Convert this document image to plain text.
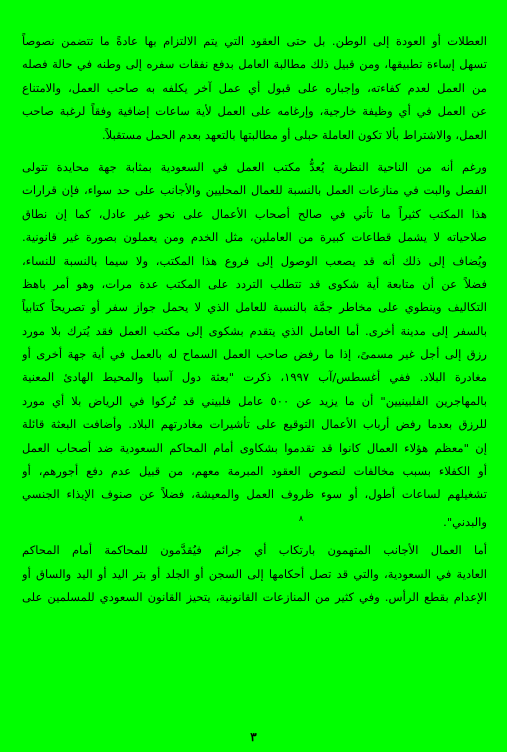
العطلات أو العودة إلى الوطن. بل حتى العقود التي يتم الالتزام بها عادةً ما تتضمن نصوصاً
تسهل إساءة تطبيقها، ومن قبيل ذلك مطالبة العامل بدفع نفقات سفره إلى وطنه في حالة فصله
من العمل لعدم كفاءته، وإجباره على قبول أي عمل آخر يكلفه به صاحب العمل، والامتناع
عن العمل في أي وظيفة خارجية، وإرغامه على العمل لأية ساعات إضافية وفقاً لرغبة صاحب
العمل، والاشتراط بألا تكون العاملة حبلى أو مطالبتها بالتعهد بعدم الحمل مستقبلاً.
ورغم أنه من الناحية النظرية يُعدُّ مكتب العمل في السعودية بمثابة جهة محايدة تتولى
الفصل والبت في منازعات العمل بالنسبة للعمال المحليين والأجانب على حد سواء، فإن قرارات
هذا المكتب كثيراً ما تأتي في صالح أصحاب الأعمال على نحو غير عادل، كما إن نطاق
صلاحياته لا يشمل قطاعات كبيرة من العاملين، مثل الخدم ومن يعملون بصورة غير قانونية.
ويُضاف إلى ذلك أنه قد يصعب الوصول إلى فروع هذا المكتب، ولا سيما بالنسبة للنساء،
فضلاً عن أن متابعة أية شكوى قد تتطلب التردد على المكتب عدة مرات، وهو أمر باهظ
التكاليف وينطوي على مخاطر جمَّة بالنسبة للعامل الذي لا يحمل جواز سفر أو تصريحاً كتابياً
بالسفر إلى مدينة أخرى. أما العامل الذي يتقدم بشكوى إلى مكتب العمل فقد يُترك بلا مورد
رزق إلى أجل غير مسمىً، إذا ما رفض صاحب العمل السماح له بالعمل في أية جهة أخرى أو
مغادرة البلاد. ففي أغسطس/آب ١٩٩٧، ذكرت "بعثة دول آسيا والمحيط الهادئ المعنية
بالمهاجرين الفلبينيين" أن ما يزيد عن ٥٠٠ عامل فلبيني قد تُركوا في الرياض بلا أي مورد
للرزق بعدما رفض أرباب الأعمال التوقيع على تأشيرات مغادرتهم البلاد. وأضافت البعثة قائلة
إن "معظم هؤلاء العمال كانوا قد تقدموا بشكاوى أمام المحاكم السعودية ضد أصحاب العمل
أو الكفلاء بسبب مخالفات لنصوص العقود المبرمة معهم، من قبيل عدم دفع أجورهم، أو
تشغيلهم لساعات أطول، أو سوء ظروف العمل والمعيشة، فضلاً عن صنوف الإيذاء الجنسي
والبدني".$^٨$
أما العمال الأجانب المتهمون بارتكاب أي جرائم فيُقدَّمون للمحاكمة أمام المحاكم
العادية في السعودية، والتي قد تصل أحكامها إلى السجن أو الجلد أو بتر اليد أو اليد والساق أو
الإعدام بقطع الرأس. وفي كثير من المنازعات القانونية، يتحيز القانون السعودي للمسلمين على
٣
